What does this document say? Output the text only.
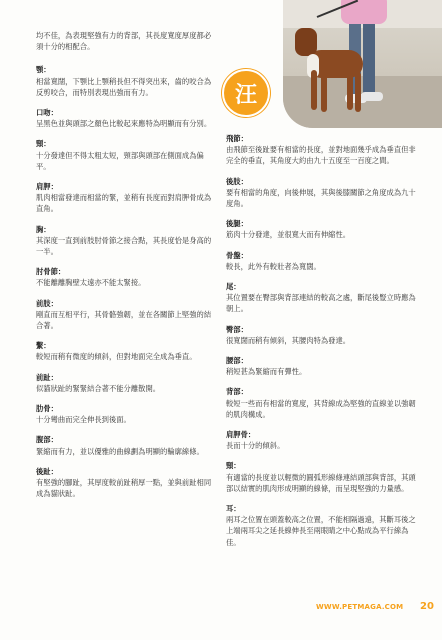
汪
均不佳，為表現堅強有力的背部，其長度寬度厚度都必須十分的相配合。
顎：
相當寬闊，下顎比上顎稍長但不得突出來，齒的咬合為反剪咬合，而特別表現出強而有力。
口吻：
呈黑色並與頭部之顏色比較起來應特為明顯而有分別。
頸：
十分發達但不得太粗太短，頸部與頭部在側面成為偏平。
肩胛：
肌肉相當發達而相當的緊，並稍有長度而對肩胛骨成為直角。
胸：
其深度一直到前肢肘骨節之接合點，其長度恰是身高的一半。
肘骨節：
不能離離胸壁太遠亦不能太緊接。
前肢：
剛直而互相平行，其骨骼強韌，並在各關節上堅強的結合著。
繫：
較短而稍有微度的傾斜，但對地面完全成為垂直。
前趾：
似貓狀趾的緊緊結合著不能分離散開。
肋骨：
十分彎曲而完全伸長到後面。
腹部：
緊縮而有力，並以優雅的曲線劃為明顯的輪廓線條。
後趾：
有堅強的腳趾，其厚度較前趾稍厚一點，並與前趾相同成為貓狀趾。
飛節：
由飛節至後趾要有相當的長度，並對地面幾乎成為垂直但非完全的垂直，其角度大約由九十五度至一百度之間。
後肢：
要有相當的角度，向後伸展，其與後膝關節之角度成為九十度角。
後腿：
筋肉十分發達，並很寬大而有伸縮性。
骨盤：
較長，此外有較壯者為寬闊。
尾：
其位置要在臀部與背部連結的較高之處，斷尾後豎立時應為朝上。
臀部：
很寬闊而稍有傾斜，其腰肉特為發達。
腰部：
稍短甚為緊縮而有彈性。
背部：
較短一些而有相當的寬度，其背線成為堅強的直線並以強韌的肌肉構成。
肩胛骨：
長而十分的傾斜。
頸：
有適當的長度並以輕微的圓弧形線條連結頭部與背部，其頭部以結實的肌肉形成明顯的線條，而呈現堅強的力量感。
耳：
兩耳之位置在頭蓋較高之位置，不能相隔過遠，其斷耳後之上端兩耳尖之延長線伸長至兩眼睛之中心點成為平行線為佳。
WWW.PETMAGA.COM 20
